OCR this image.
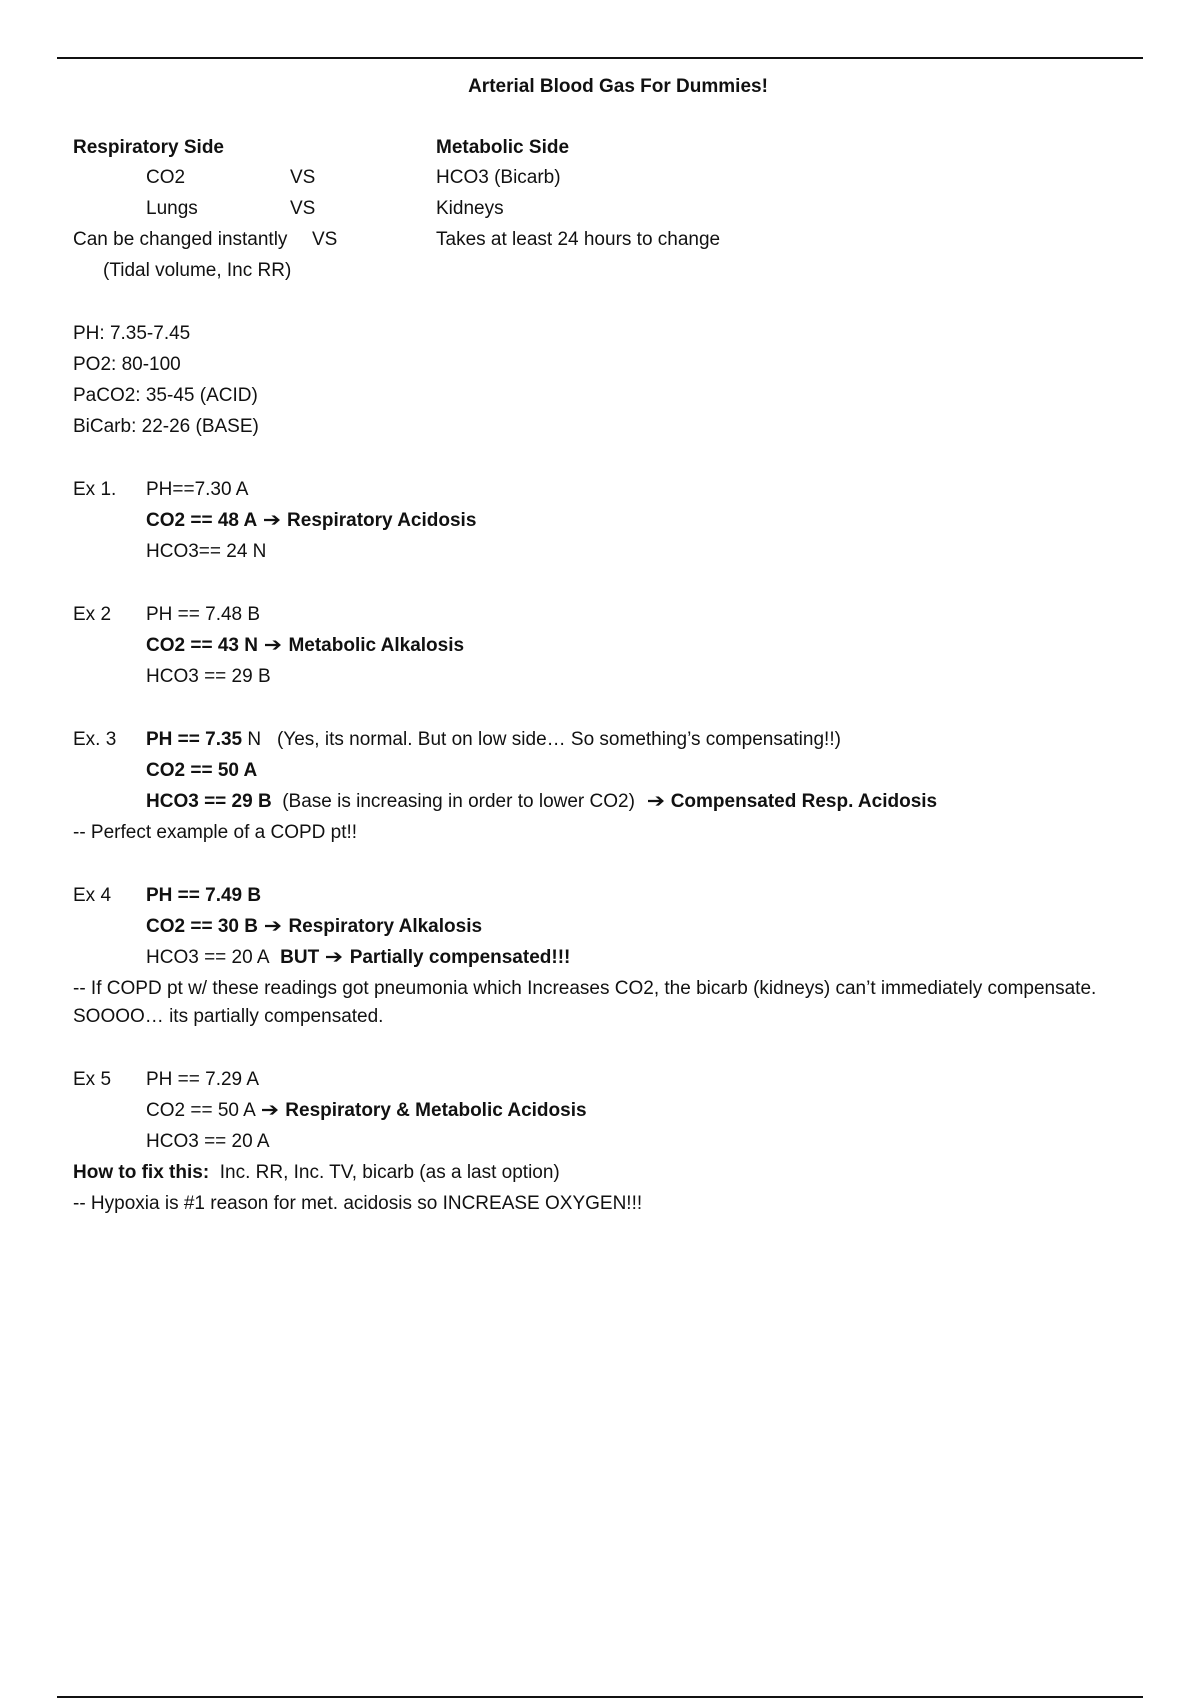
Arterial Blood Gas For Dummies!
Respiratory Side	Metabolic Side
CO2	VS	HCO3 (Bicarb)
Lungs	VS	Kidneys
Can be changed instantly VS	Takes at least 24 hours to change
(Tidal volume, Inc RR)
PH: 7.35-7.45
PO2: 80-100
PaCO2: 35-45 (ACID)
BiCarb: 22-26 (BASE)
Ex 1. PH==7.30 A
CO2 == 48 A ➔ Respiratory Acidosis
HCO3== 24 N
Ex 2 PH == 7.48 B
CO2 == 43 N ➔ Metabolic Alkalosis
HCO3 == 29 B
Ex. 3 PH == 7.35 N (Yes, its normal. But on low side… So something’s compensating!!)
CO2 == 50 A
HCO3 == 29 B (Base is increasing in order to lower CO2) ➔ Compensated Resp. Acidosis
-- Perfect example of a COPD pt!!
Ex 4 PH == 7.49 B
CO2 == 30 B ➔ Respiratory Alkalosis
HCO3 == 20 A BUT ➔ Partially compensated!!!
-- If COPD pt w/ these readings got pneumonia which Increases CO2, the bicarb (kidneys) can’t immediately compensate.
SOOOO… its partially compensated.
Ex 5 PH == 7.29 A
CO2 == 50 A ➔ Respiratory & Metabolic Acidosis
HCO3 == 20 A
How to fix this: Inc. RR, Inc. TV, bicarb (as a last option)
-- Hypoxia is #1 reason for met. acidosis so INCREASE OXYGEN!!!
